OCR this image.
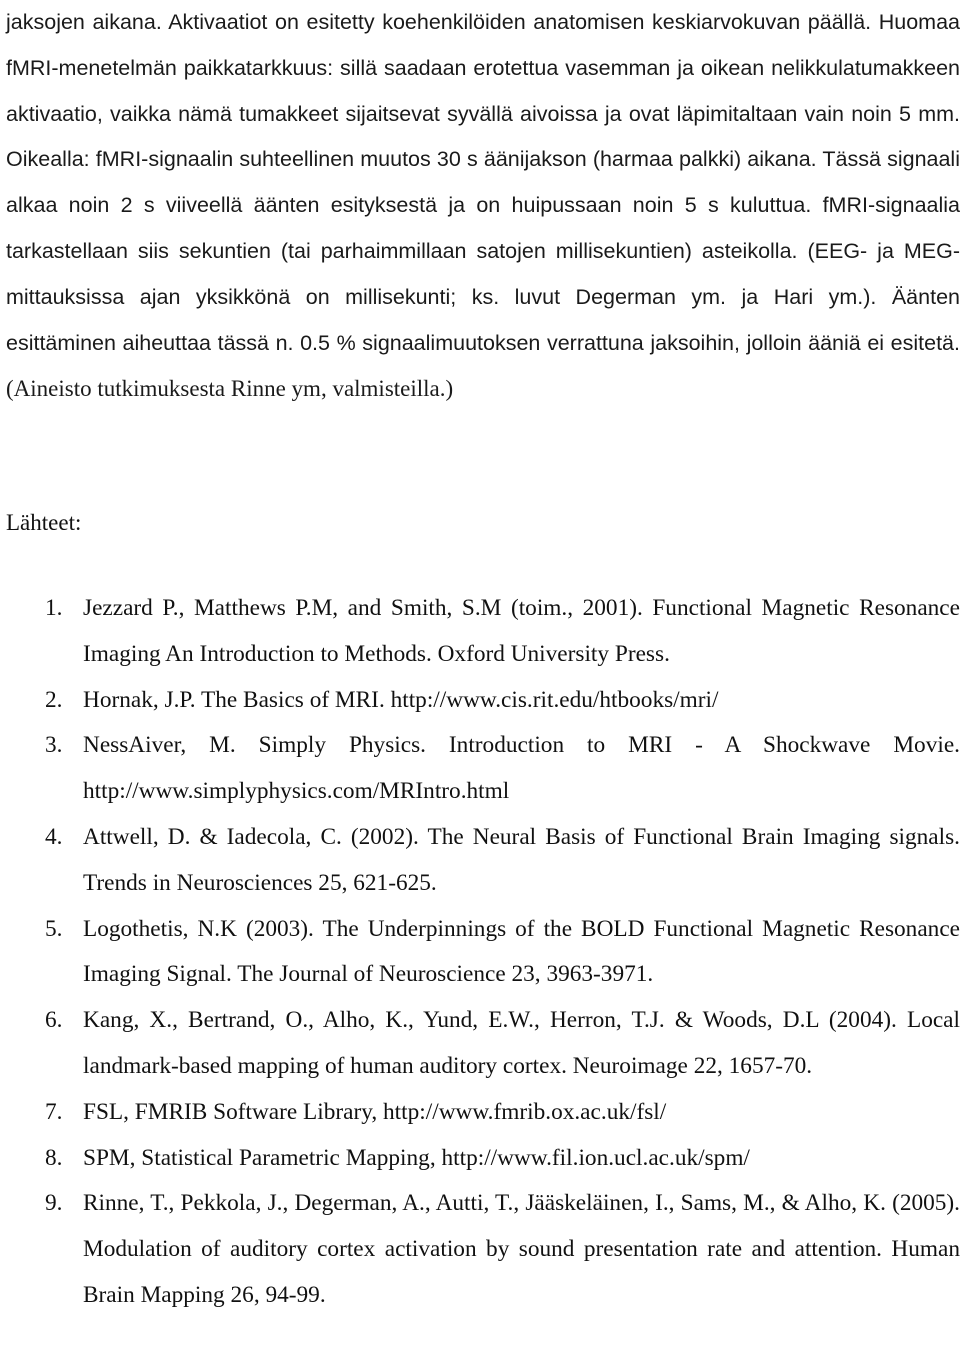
jaksojen aikana. Aktivaatiot on esitetty koehenkilöiden anatomisen keskiarvokuvan päällä. Huomaa fMRI-menetelmän paikkatarkkuus: sillä saadaan erotettua vasemman ja oikean nelikkulatumakkeen aktivaatio, vaikka nämä tumakkeet sijaitsevat syvällä aivoissa ja ovat läpimitaltaan vain noin 5 mm. Oikealla: fMRI-signaalin suhteellinen muutos 30 s äänijakson (harmaa palkki) aikana. Tässä signaali alkaa noin 2 s viiveellä äänten esityksestä ja on huipussaan noin 5 s kuluttua. fMRI-signaalia tarkastellaan siis sekuntien (tai parhaimmillaan satojen millisekuntien) asteikolla. (EEG- ja MEG-mittauksissa ajan yksikkönä on millisekunti; ks. luvut Degerman ym. ja Hari ym.). Äänten esittäminen aiheuttaa tässä n. 0.5 % signaalimuutoksen verrattuna jaksoihin, jolloin ääniä ei esitetä. (Aineisto tutkimuksesta Rinne ym, valmisteilla.)

Lähteet:

1. Jezzard P., Matthews P.M, and Smith, S.M (toim., 2001). Functional Magnetic Resonance Imaging An Introduction to Methods. Oxford University Press.
2. Hornak, J.P. The Basics of MRI. http://www.cis.rit.edu/htbooks/mri/
3. NessAiver, M. Simply Physics. Introduction to MRI - A Shockwave Movie. http://www.simplyphysics.com/MRIntro.html
4. Attwell, D. & Iadecola, C. (2002). The Neural Basis of Functional Brain Imaging signals. Trends in Neurosciences 25, 621-625.
5. Logothetis, N.K (2003). The Underpinnings of the BOLD Functional Magnetic Resonance Imaging Signal. The Journal of Neuroscience 23, 3963-3971.
6. Kang, X., Bertrand, O., Alho, K., Yund, E.W., Herron, T.J. & Woods, D.L (2004). Local landmark-based mapping of human auditory cortex. Neuroimage 22, 1657-70.
7. FSL, FMRIB Software Library, http://www.fmrib.ox.ac.uk/fsl/
8. SPM, Statistical Parametric Mapping, http://www.fil.ion.ucl.ac.uk/spm/
9. Rinne, T., Pekkola, J., Degerman, A., Autti, T., Jääskeläinen, I., Sams, M., & Alho, K. (2005). Modulation of auditory cortex activation by sound presentation rate and attention. Human Brain Mapping 26, 94-99.
